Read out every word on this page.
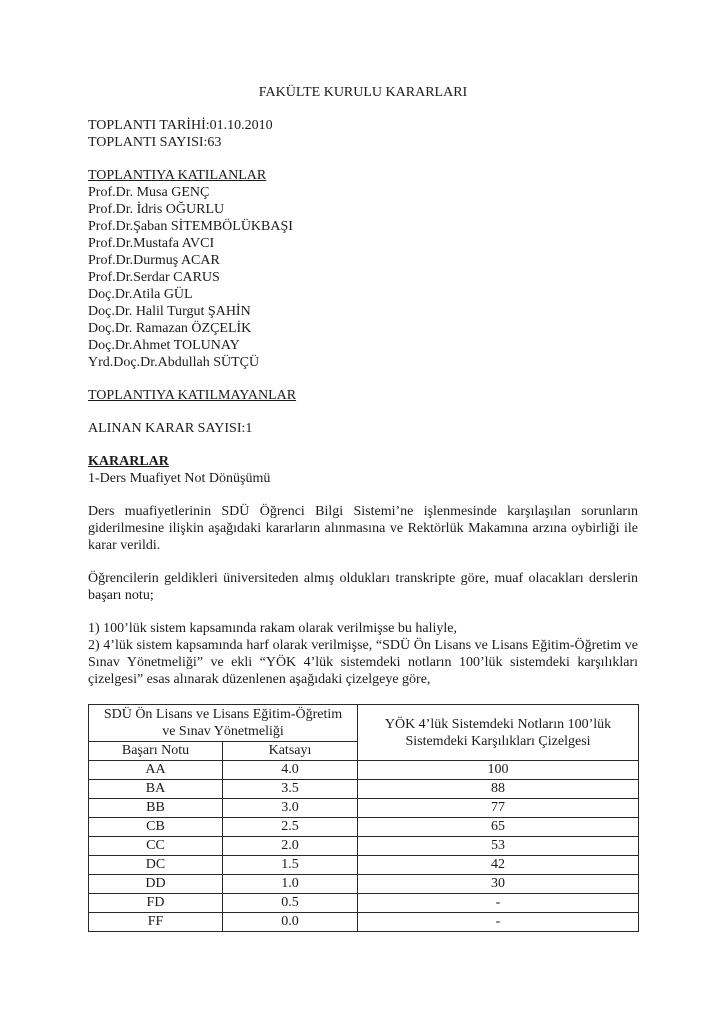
FAKÜLTE KURULU KARARLARI
TOPLANTI TARİHİ:01.10.2010
TOPLANTI SAYISI:63
TOPLANTIYA KATILANLAR
Prof.Dr. Musa GENÇ
Prof.Dr. İdris OĞURLU
Prof.Dr.Şaban SİTEMBÖLÜKBAŞI
Prof.Dr.Mustafa AVCI
Prof.Dr.Durmuş ACAR
Prof.Dr.Serdar CARUS
Doç.Dr.Atila GÜL
Doç.Dr. Halil Turgut ŞAHİN
Doç.Dr. Ramazan ÖZÇELİK
Doç.Dr.Ahmet TOLUNAY
Yrd.Doç.Dr.Abdullah SÜTÇÜ
TOPLANTIYA KATILMAYANLAR
ALINAN KARAR SAYISI:1
KARARLAR
1-Ders Muafiyet Not Dönüşümü

Ders muafiyetlerinin SDÜ Öğrenci Bilgi Sistemi’ne işlenmesinde karşılaşılan sorunların giderilmesine ilişkin aşağıdaki kararların alınmasına ve Rektörlük Makamına arzına oybirliği ile karar verildi.

Öğrencilerin geldikleri üniversiteden almış oldukları transkripte göre, muaf olacakları derslerin başarı notu;

1) 100’lük sistem kapsamında rakam olarak verilmişse bu haliyle,

2) 4’lük sistem kapsamında harf olarak verilmişse, “SDÜ Ön Lisans ve Lisans Eğitim-Öğretim ve Sınav Yönetmeliği” ve ekli “YÖK 4’lük sistemdeki notların 100’lük sistemdeki karşılıkları çizelgesi” esas alınarak düzenlenen aşağıdaki çizelgeye göre,

SDÜ Ön Lisans ve Lisans Eğitim-Öğretim ve Sınav Yönetmeliği		YÖK 4’lük Sistemdeki Notların 100’lük Sistemdeki Karşılıkları Çizelgesi
Başarı Notu	Katsayı	
AA	4.0	100
BA	3.5	88
BB	3.0	77
CB	2.5	65
CC	2.0	53
DC	1.5	42
DD	1.0	30
FD	0.5	-
FF	0.0	-
